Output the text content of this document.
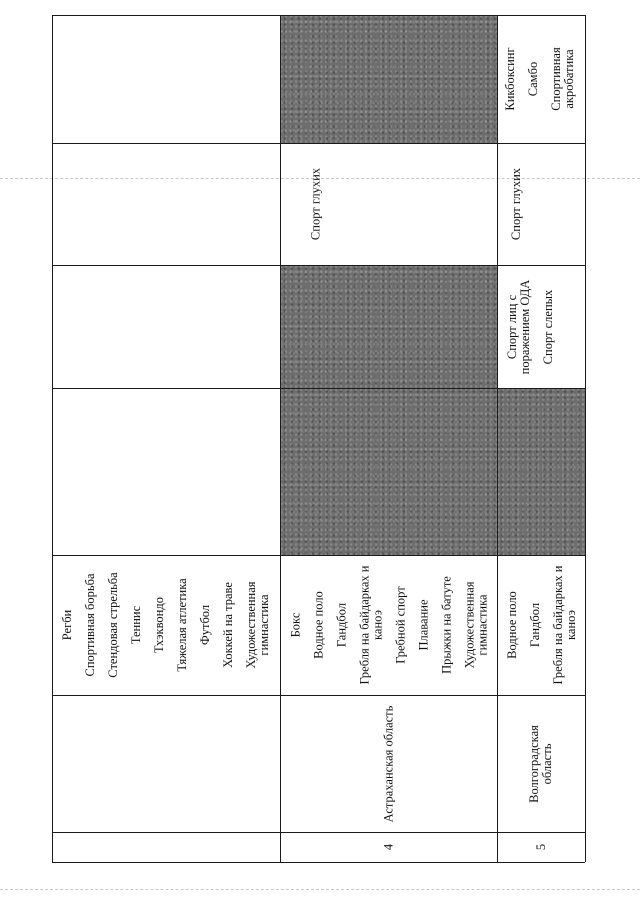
Регби Спортивная борьба Стендовая стрельба Теннис Тхэквондо Тяжелая атлетика Футбол Хоккей на траве Художественная гимнастика
4
Астраханская область
Бокс Водное поло Гандбол Гребля на байдарках и каноэ Гребной спорт Плавание Прыжки на батуте Художественная гимнастика
Спорт глухих
5
Волгоградская область
Водное поло Гандбол Гребля на байдарках и каноэ
Спорт лиц с поражением ОДА Спорт слепых
Спорт глухих
Кикбоксинг Самбо Спортивная акробатика
